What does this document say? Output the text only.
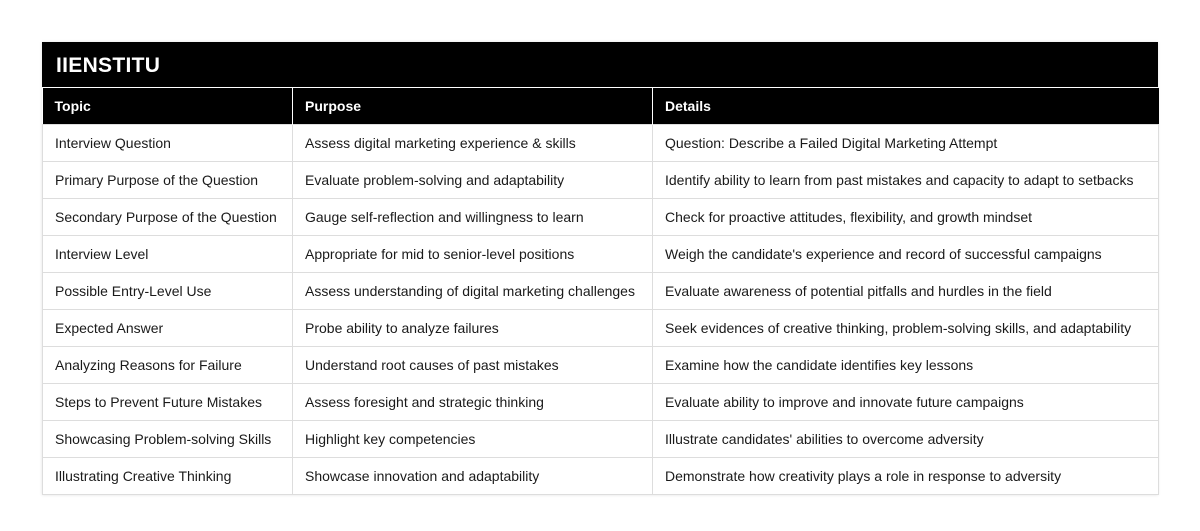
IIENSTITU
Topic	Purpose	Details
Interview Question	Assess digital marketing experience & skills	Question: Describe a Failed Digital Marketing Attempt
Primary Purpose of the Question	Evaluate problem-solving and adaptability	Identify ability to learn from past mistakes and capacity to adapt to setbacks
Secondary Purpose of the Question	Gauge self-reflection and willingness to learn	Check for proactive attitudes, flexibility, and growth mindset
Interview Level	Appropriate for mid to senior-level positions	Weigh the candidate's experience and record of successful campaigns
Possible Entry-Level Use	Assess understanding of digital marketing challenges	Evaluate awareness of potential pitfalls and hurdles in the field
Expected Answer	Probe ability to analyze failures	Seek evidences of creative thinking, problem-solving skills, and adaptability
Analyzing Reasons for Failure	Understand root causes of past mistakes	Examine how the candidate identifies key lessons
Steps to Prevent Future Mistakes	Assess foresight and strategic thinking	Evaluate ability to improve and innovate future campaigns
Showcasing Problem-solving Skills	Highlight key competencies	Illustrate candidates' abilities to overcome adversity
Illustrating Creative Thinking	Showcase innovation and adaptability	Demonstrate how creativity plays a role in response to adversity
